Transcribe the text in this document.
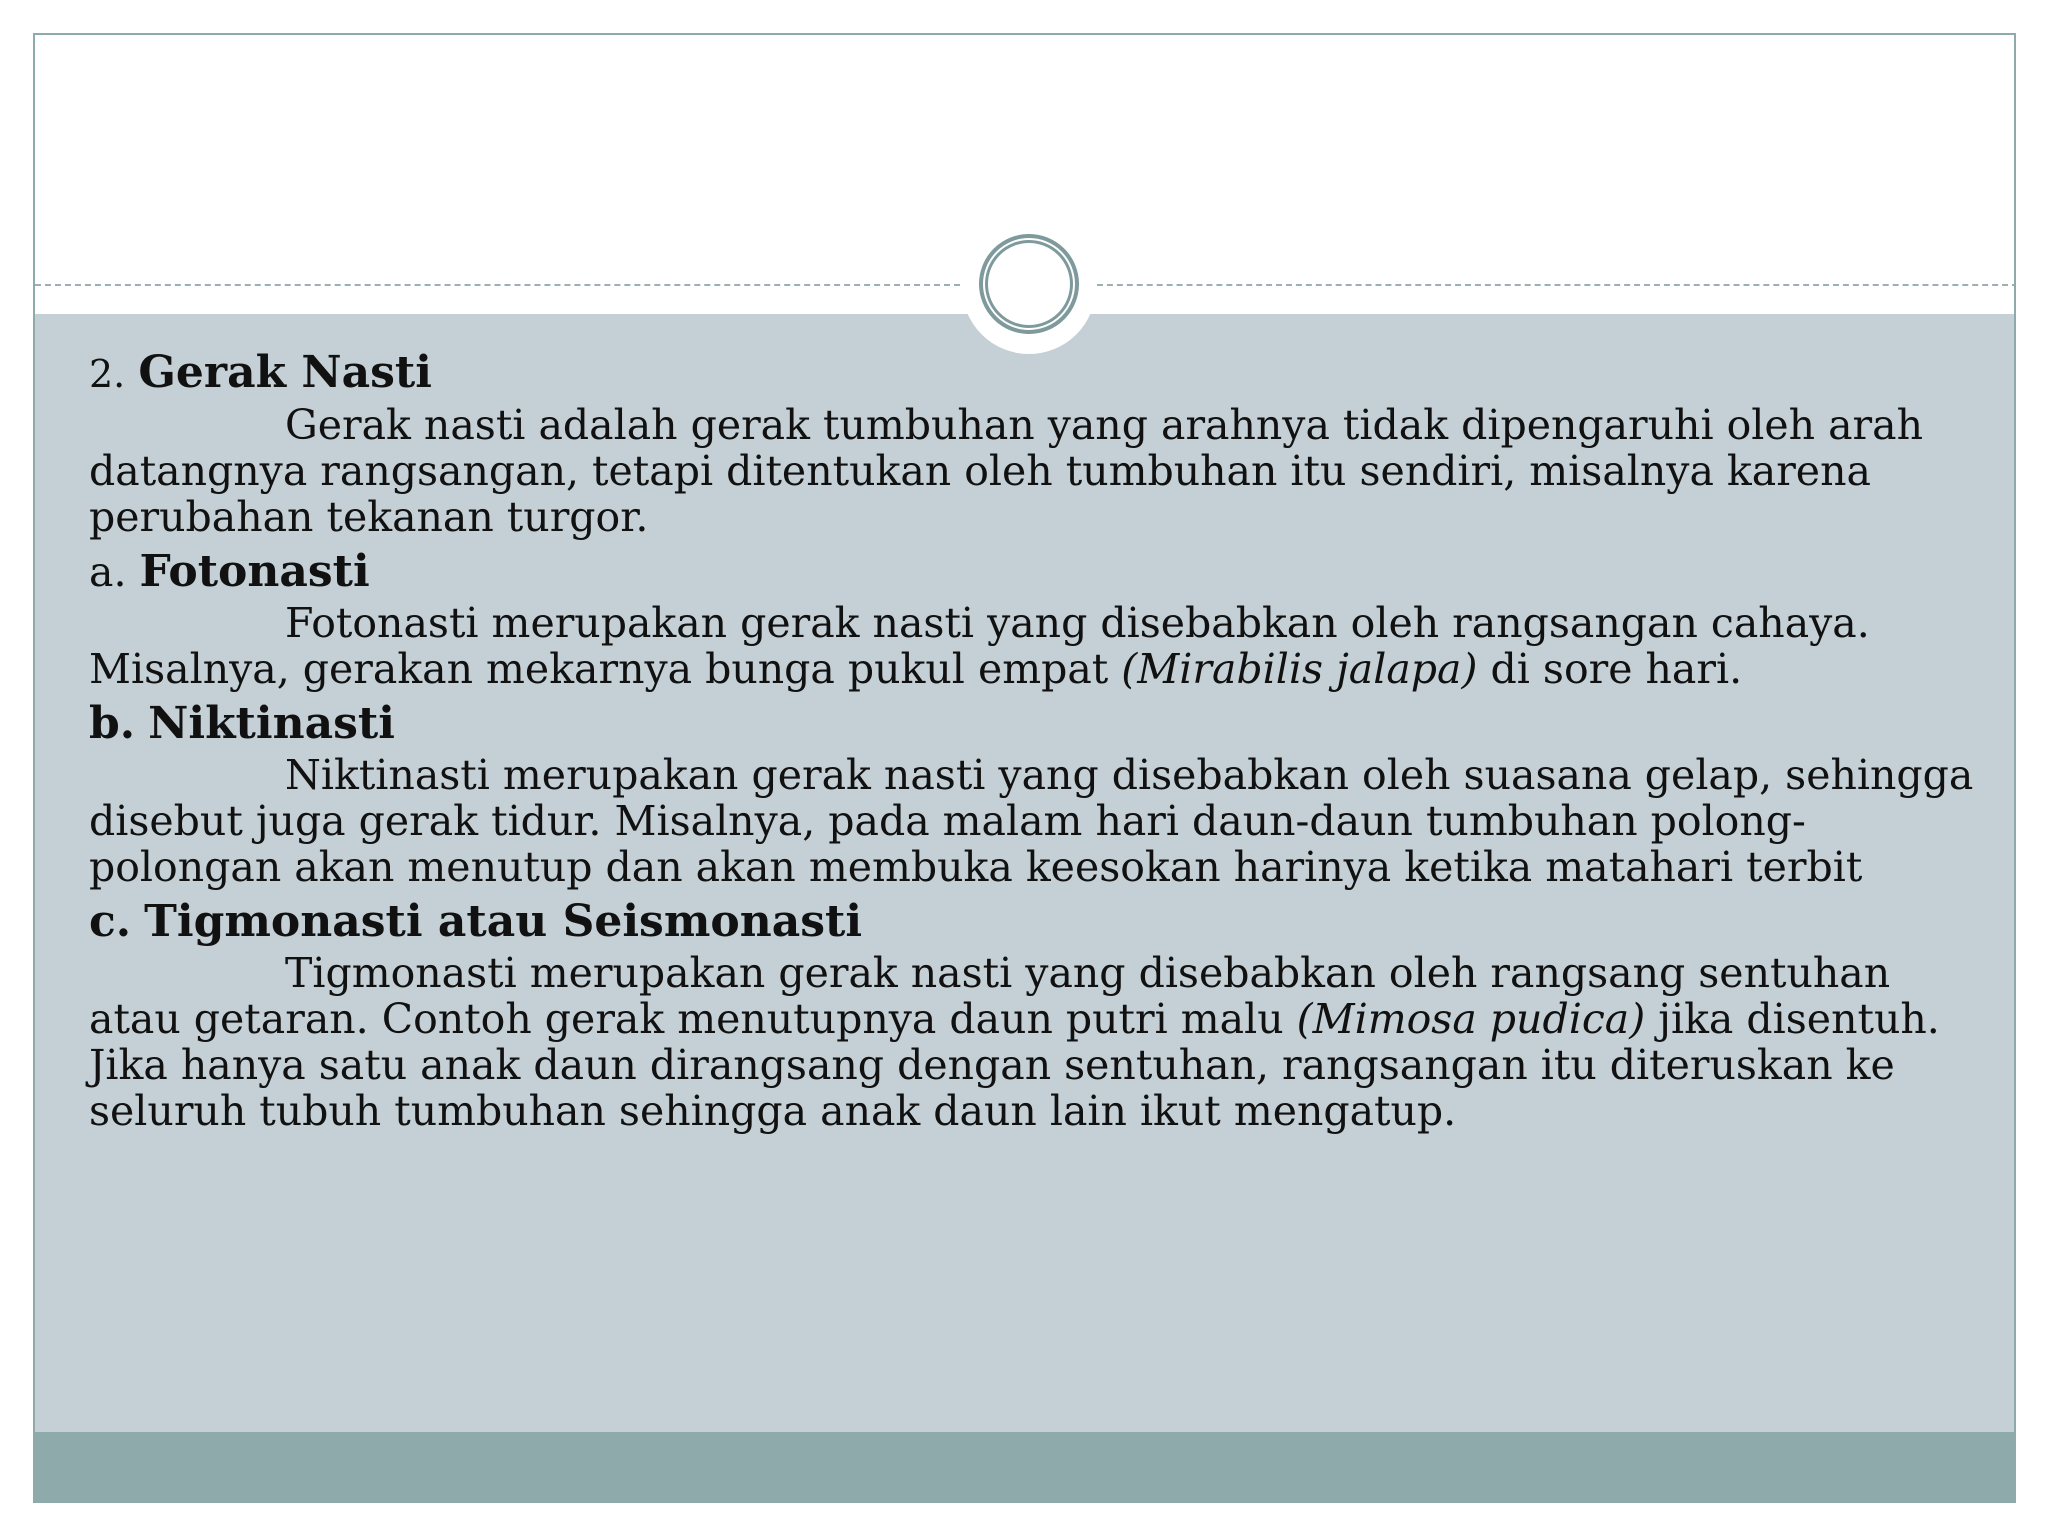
2. Gerak Nasti

Gerak nasti adalah gerak tumbuhan yang arahnya tidak dipengaruhi oleh arah datangnya rangsangan, tetapi ditentukan oleh tumbuhan itu sendiri, misalnya karena perubahan tekanan turgor.

a. Fotonasti

Fotonasti merupakan gerak nasti yang disebabkan oleh rangsangan cahaya. Misalnya, gerakan mekarnya bunga pukul empat (Mirabilis jalapa) di sore hari.

b. Niktinasti

Niktinasti merupakan gerak nasti yang disebabkan oleh suasana gelap, sehingga disebut juga gerak tidur. Misalnya, pada malam hari daun-daun tumbuhan polong-polongan akan menutup dan akan membuka keesokan harinya ketika matahari terbit

c. Tigmonasti atau Seismonasti

Tigmonasti merupakan gerak nasti yang disebabkan oleh rangsang sentuhan atau getaran. Contoh gerak menutupnya daun putri malu (Mimosa pudica) jika disentuh. Jika hanya satu anak daun dirangsang dengan sentuhan, rangsangan itu diteruskan ke seluruh tubuh tumbuhan sehingga anak daun lain ikut mengatup.
